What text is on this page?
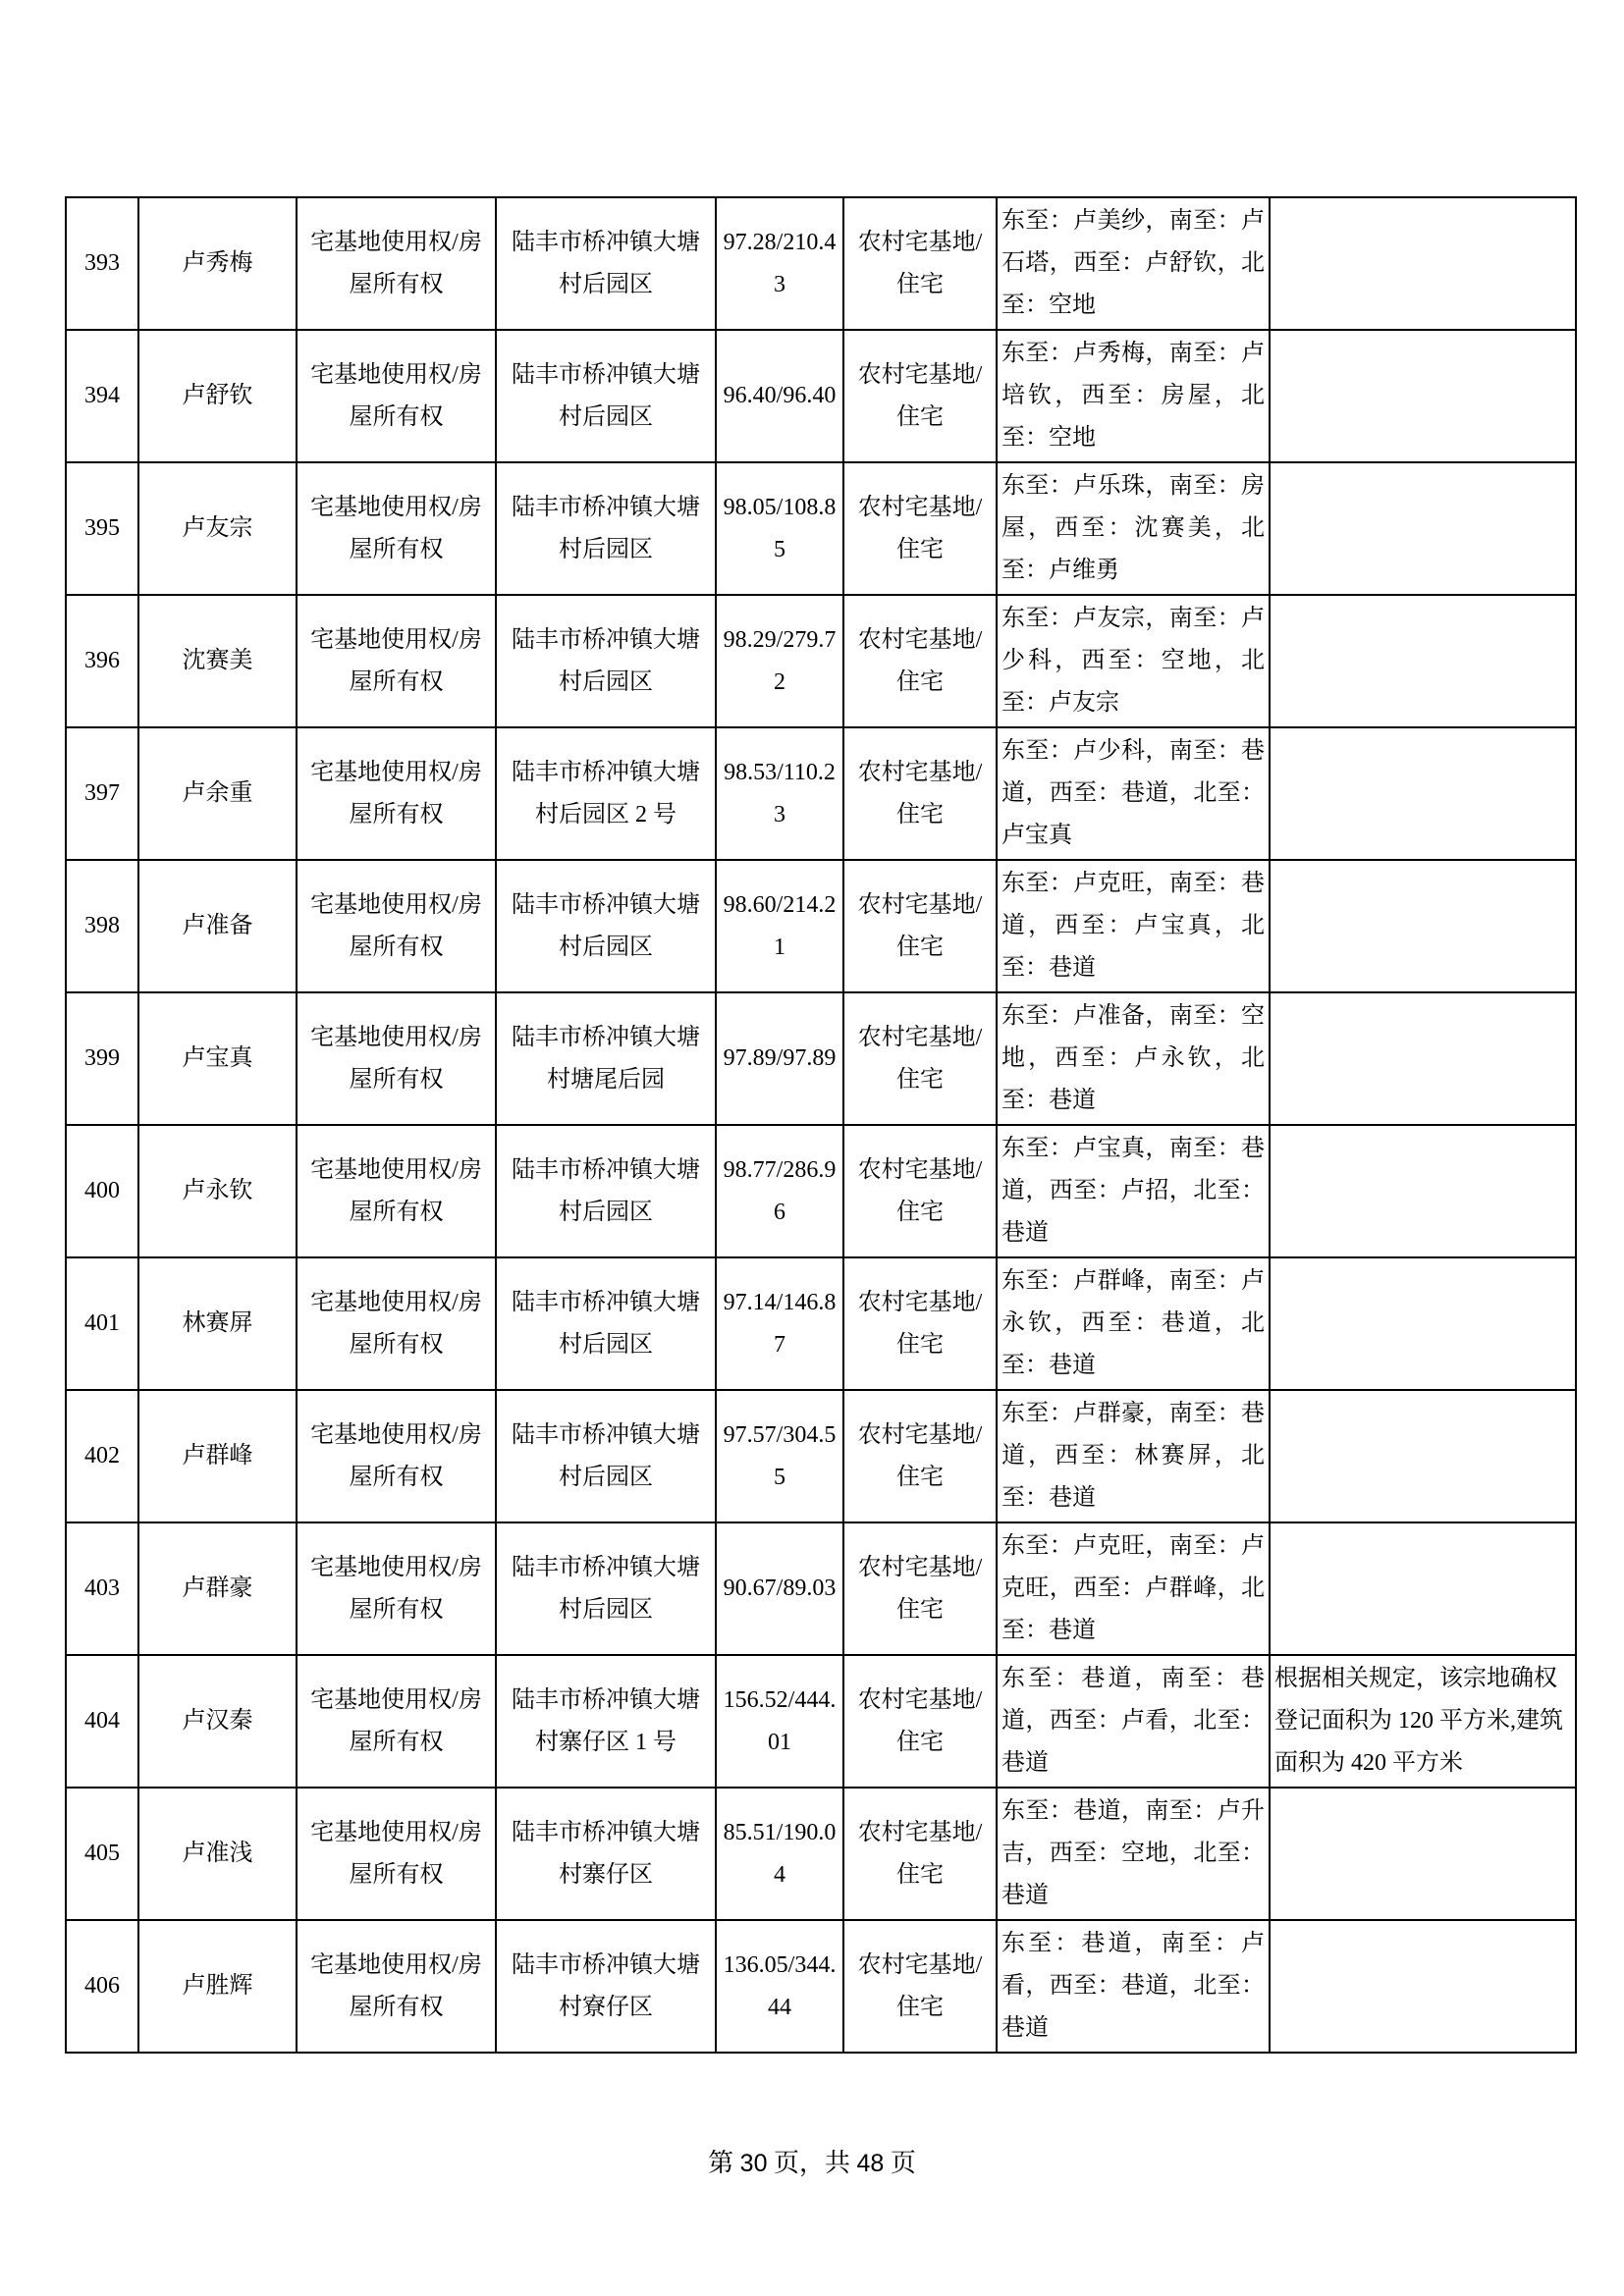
393	卢秀梅	宅基地使用权/房屋所有权	陆丰市桥冲镇大塘村后园区	97.28/210.43	农村宅基地/住宅	东至：卢美纱，南至：卢石塔，西至：卢舒钦，北至：空地	
394	卢舒钦	宅基地使用权/房屋所有权	陆丰市桥冲镇大塘村后园区	96.40/96.40	农村宅基地/住宅	东至：卢秀梅，南至：卢培钦，西至：房屋，北至：空地	
395	卢友宗	宅基地使用权/房屋所有权	陆丰市桥冲镇大塘村后园区	98.05/108.85	农村宅基地/住宅	东至：卢乐珠，南至：房屋，西至：沈赛美，北至：卢维勇	
396	沈赛美	宅基地使用权/房屋所有权	陆丰市桥冲镇大塘村后园区	98.29/279.72	农村宅基地/住宅	东至：卢友宗，南至：卢少科，西至：空地，北至：卢友宗	
397	卢余重	宅基地使用权/房屋所有权	陆丰市桥冲镇大塘村后园区 2 号	98.53/110.23	农村宅基地/住宅	东至：卢少科，南至：巷道，西至：巷道，北至：卢宝真	
398	卢准备	宅基地使用权/房屋所有权	陆丰市桥冲镇大塘村后园区	98.60/214.21	农村宅基地/住宅	东至：卢克旺，南至：巷道，西至：卢宝真，北至：巷道	
399	卢宝真	宅基地使用权/房屋所有权	陆丰市桥冲镇大塘村塘尾后园	97.89/97.89	农村宅基地/住宅	东至：卢准备，南至：空地，西至：卢永钦，北至：巷道	
400	卢永钦	宅基地使用权/房屋所有权	陆丰市桥冲镇大塘村后园区	98.77/286.96	农村宅基地/住宅	东至：卢宝真，南至：巷道，西至：卢招，北至：巷道	
401	林赛屏	宅基地使用权/房屋所有权	陆丰市桥冲镇大塘村后园区	97.14/146.87	农村宅基地/住宅	东至：卢群峰，南至：卢永钦，西至：巷道，北至：巷道	
402	卢群峰	宅基地使用权/房屋所有权	陆丰市桥冲镇大塘村后园区	97.57/304.55	农村宅基地/住宅	东至：卢群豪，南至：巷道，西至：林赛屏，北至：巷道	
403	卢群豪	宅基地使用权/房屋所有权	陆丰市桥冲镇大塘村后园区	90.67/89.03	农村宅基地/住宅	东至：卢克旺，南至：卢克旺，西至：卢群峰，北至：巷道	
404	卢汉秦	宅基地使用权/房屋所有权	陆丰市桥冲镇大塘村寨仔区 1 号	156.52/444.01	农村宅基地/住宅	东至：巷道，南至：巷道，西至：卢看，北至：巷道	根据相关规定，该宗地确权登记面积为 120 平方米,建筑面积为 420 平方米
405	卢准浅	宅基地使用权/房屋所有权	陆丰市桥冲镇大塘村寨仔区	85.51/190.04	农村宅基地/住宅	东至：巷道，南至：卢升吉，西至：空地，北至：巷道	
406	卢胜辉	宅基地使用权/房屋所有权	陆丰市桥冲镇大塘村寮仔区	136.05/344.44	农村宅基地/住宅	东至：巷道，南至：卢看，西至：巷道，北至：巷道	
第 30 页，共 48 页
